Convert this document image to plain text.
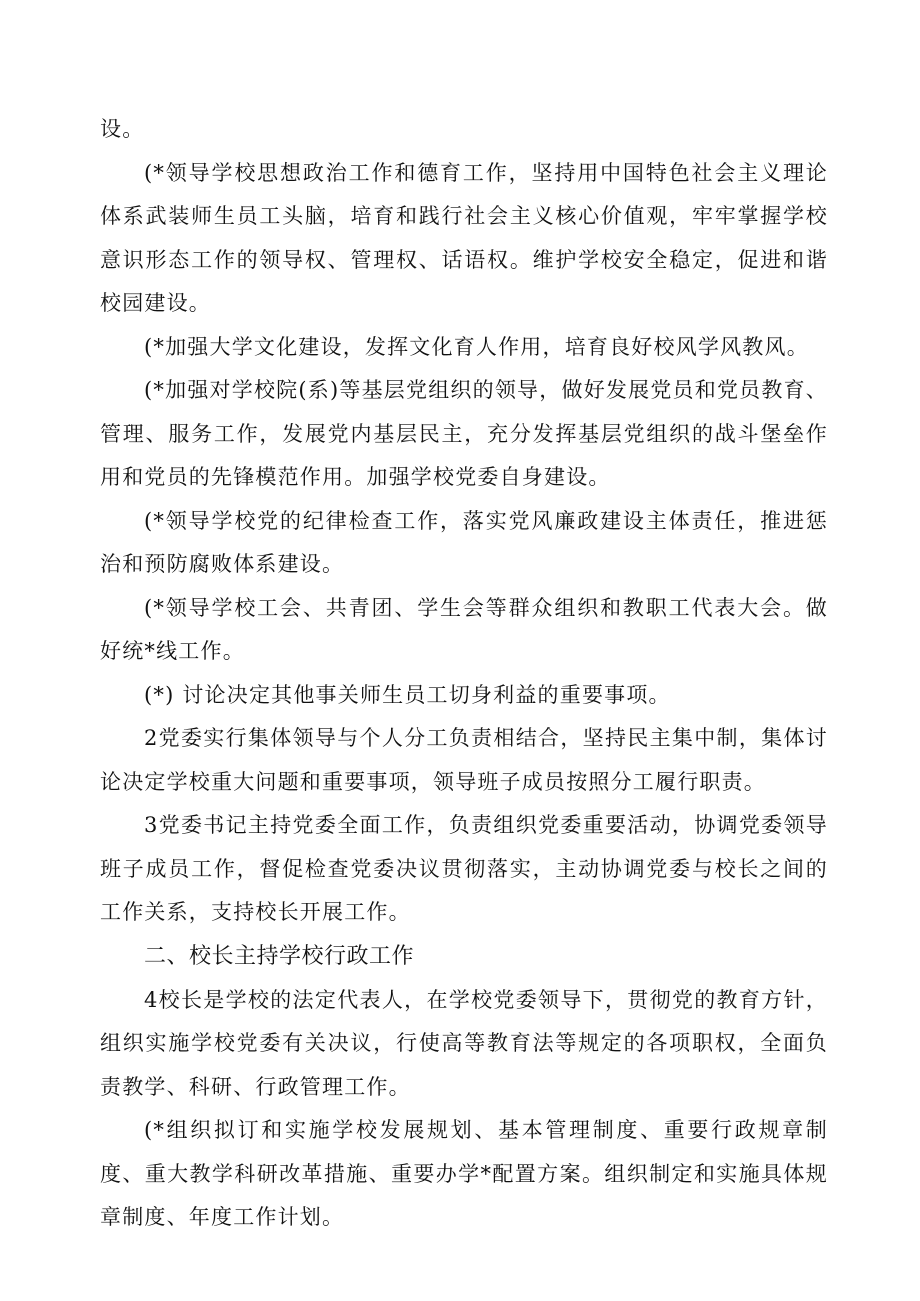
设。

(*领导学校思想政治工作和德育工作，坚持用中国特色社会主义理论体系武装师生员工头脑，培育和践行社会主义核心价值观，牢牢掌握学校意识形态工作的领导权、管理权、话语权。维护学校安全稳定，促进和谐校园建设。

(*加强大学文化建设，发挥文化育人作用，培育良好校风学风教风。

(*加强对学校院(系)等基层党组织的领导，做好发展党员和党员教育、管理、服务工作，发展党内基层民主，充分发挥基层党组织的战斗堡垒作用和党员的先锋模范作用。加强学校党委自身建设。

(*领导学校党的纪律检查工作，落实党风廉政建设主体责任，推进惩治和预防腐败体系建设。

(*领导学校工会、共青团、学生会等群众组织和教职工代表大会。做好统*线工作。

(*) 讨论决定其他事关师生员工切身利益的重要事项。

2党委实行集体领导与个人分工负责相结合，坚持民主集中制，集体讨论决定学校重大问题和重要事项，领导班子成员按照分工履行职责。

3党委书记主持党委全面工作，负责组织党委重要活动，协调党委领导班子成员工作，督促检查党委决议贯彻落实，主动协调党委与校长之间的工作关系，支持校长开展工作。

二、校长主持学校行政工作

4校长是学校的法定代表人，在学校党委领导下，贯彻党的教育方针，组织实施学校党委有关决议，行使高等教育法等规定的各项职权，全面负责教学、科研、行政管理工作。

(*组织拟订和实施学校发展规划、基本管理制度、重要行政规章制度、重大教学科研改革措施、重要办学*配置方案。组织制定和实施具体规章制度、年度工作计划。
